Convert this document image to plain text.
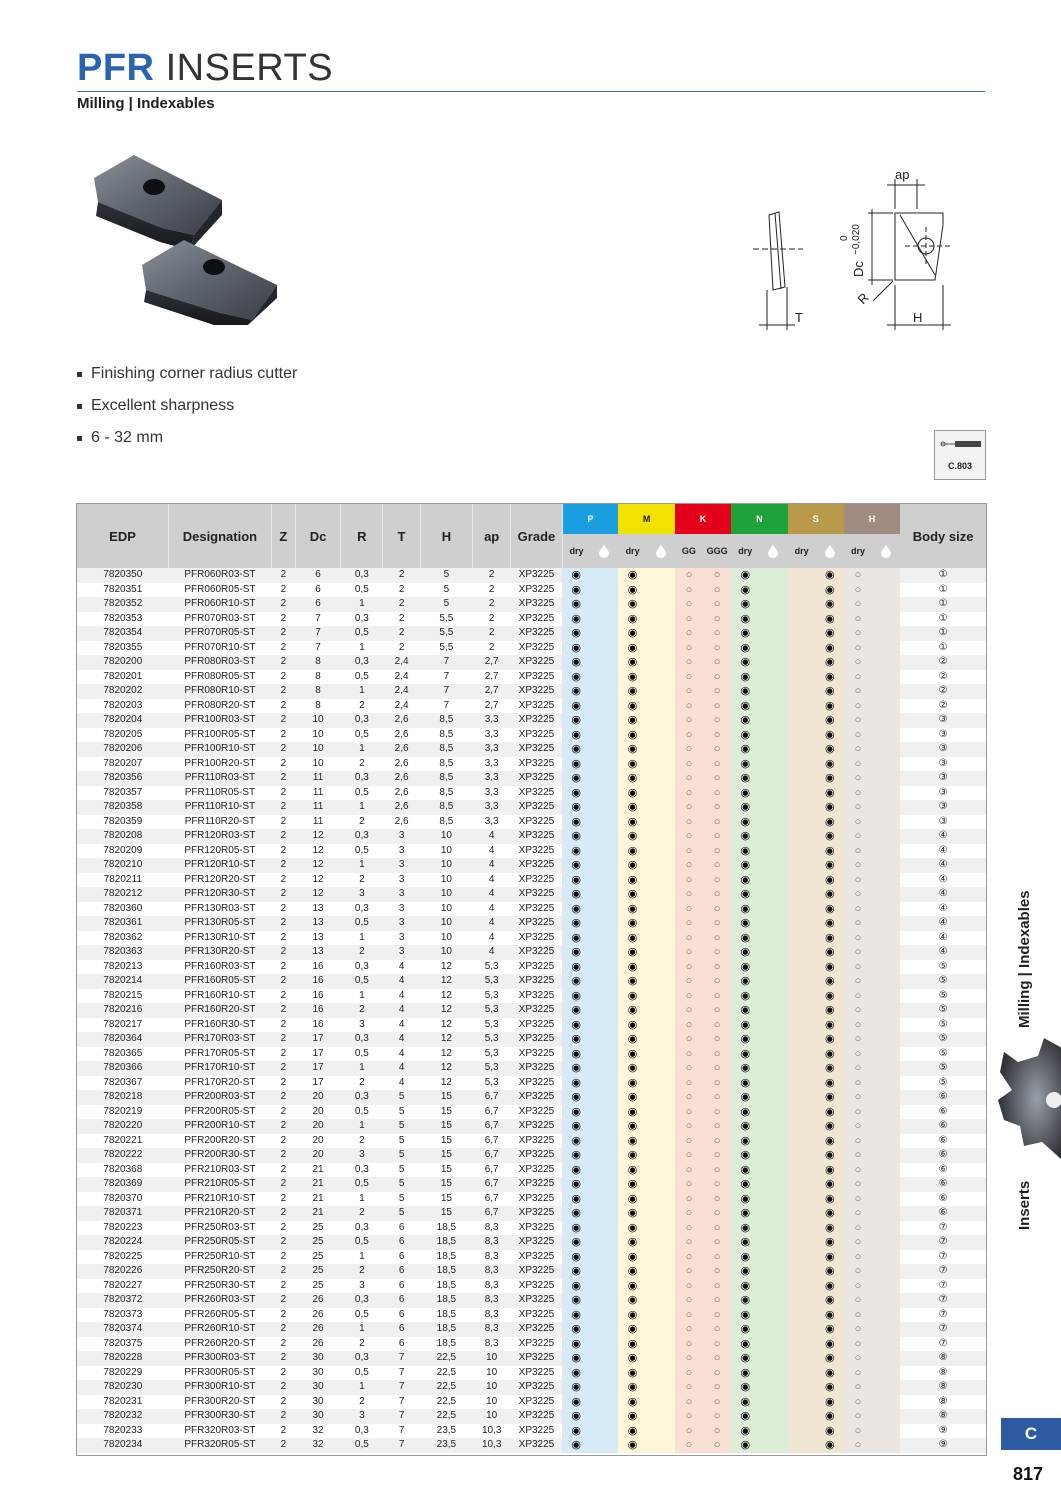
PFR INSERTS
Milling | Indexables
ap
Dc
0 −0,020
R
T	H
Finishing corner radius cutter
Excellent sharpness
6 - 32 mm
C.803
EDP	Designation	Z	Dc	R	T	H	ap	Grade	P		M		K		N		S		H		Body size
									dry		dry		GG	GGG	dry		dry		dry	
7820350	PFR060R03-ST	2	6	0,3	2	5	2	XP3225	◉		◉		○	○	◉			◉	○		①
7820351	PFR060R05-ST	2	6	0,5	2	5	2	XP3225	◉		◉		○	○	◉			◉	○		①
7820352	PFR060R10-ST	2	6	1	2	5	2	XP3225	◉		◉		○	○	◉			◉	○		①
7820353	PFR070R03-ST	2	7	0,3	2	5,5	2	XP3225	◉		◉		○	○	◉			◉	○		①
7820354	PFR070R05-ST	2	7	0,5	2	5,5	2	XP3225	◉		◉		○	○	◉			◉	○		①
7820355	PFR070R10-ST	2	7	1	2	5,5	2	XP3225	◉		◉		○	○	◉			◉	○		①
7820200	PFR080R03-ST	2	8	0,3	2,4	7	2,7	XP3225	◉		◉		○	○	◉			◉	○		②
7820201	PFR080R05-ST	2	8	0,5	2,4	7	2,7	XP3225	◉		◉		○	○	◉			◉	○		②
7820202	PFR080R10-ST	2	8	1	2,4	7	2,7	XP3225	◉		◉		○	○	◉			◉	○		②
7820203	PFR080R20-ST	2	8	2	2,4	7	2,7	XP3225	◉		◉		○	○	◉			◉	○		②
7820204	PFR100R03-ST	2	10	0,3	2,6	8,5	3,3	XP3225	◉		◉		○	○	◉			◉	○		③
7820205	PFR100R05-ST	2	10	0,5	2,6	8,5	3,3	XP3225	◉		◉		○	○	◉			◉	○		③
7820206	PFR100R10-ST	2	10	1	2,6	8,5	3,3	XP3225	◉		◉		○	○	◉			◉	○		③
7820207	PFR100R20-ST	2	10	2	2,6	8,5	3,3	XP3225	◉		◉		○	○	◉			◉	○		③
7820356	PFR110R03-ST	2	11	0,3	2,6	8,5	3,3	XP3225	◉		◉		○	○	◉			◉	○		③
7820357	PFR110R05-ST	2	11	0,5	2,6	8,5	3,3	XP3225	◉		◉		○	○	◉			◉	○		③
7820358	PFR110R10-ST	2	11	1	2,6	8,5	3,3	XP3225	◉		◉		○	○	◉			◉	○		③
7820359	PFR110R20-ST	2	11	2	2,6	8,5	3,3	XP3225	◉		◉		○	○	◉			◉	○		③
7820208	PFR120R03-ST	2	12	0,3	3	10	4	XP3225	◉		◉		○	○	◉			◉	○		④
7820209	PFR120R05-ST	2	12	0,5	3	10	4	XP3225	◉		◉		○	○	◉			◉	○		④
7820210	PFR120R10-ST	2	12	1	3	10	4	XP3225	◉		◉		○	○	◉			◉	○		④
7820211	PFR120R20-ST	2	12	2	3	10	4	XP3225	◉		◉		○	○	◉			◉	○		④
7820212	PFR120R30-ST	2	12	3	3	10	4	XP3225	◉		◉		○	○	◉			◉	○		④
7820360	PFR130R03-ST	2	13	0,3	3	10	4	XP3225	◉		◉		○	○	◉			◉	○		④
7820361	PFR130R05-ST	2	13	0,5	3	10	4	XP3225	◉		◉		○	○	◉			◉	○		④
7820362	PFR130R10-ST	2	13	1	3	10	4	XP3225	◉		◉		○	○	◉			◉	○		④
7820363	PFR130R20-ST	2	13	2	3	10	4	XP3225	◉		◉		○	○	◉			◉	○		④
7820213	PFR160R03-ST	2	16	0,3	4	12	5,3	XP3225	◉		◉		○	○	◉			◉	○		⑤
7820214	PFR160R05-ST	2	16	0,5	4	12	5,3	XP3225	◉		◉		○	○	◉			◉	○		⑤
7820215	PFR160R10-ST	2	16	1	4	12	5,3	XP3225	◉		◉		○	○	◉			◉	○		⑤
7820216	PFR160R20-ST	2	16	2	4	12	5,3	XP3225	◉		◉		○	○	◉			◉	○		⑤
7820217	PFR160R30-ST	2	16	3	4	12	5,3	XP3225	◉		◉		○	○	◉			◉	○		⑤
7820364	PFR170R03-ST	2	17	0,3	4	12	5,3	XP3225	◉		◉		○	○	◉			◉	○		⑤
7820365	PFR170R05-ST	2	17	0,5	4	12	5,3	XP3225	◉		◉		○	○	◉			◉	○		⑤
7820366	PFR170R10-ST	2	17	1	4	12	5,3	XP3225	◉		◉		○	○	◉			◉	○		⑤
7820367	PFR170R20-ST	2	17	2	4	12	5,3	XP3225	◉		◉		○	○	◉			◉	○		⑤
7820218	PFR200R03-ST	2	20	0,3	5	15	6,7	XP3225	◉		◉		○	○	◉			◉	○		⑥
7820219	PFR200R05-ST	2	20	0,5	5	15	6,7	XP3225	◉		◉		○	○	◉			◉	○		⑥
7820220	PFR200R10-ST	2	20	1	5	15	6,7	XP3225	◉		◉		○	○	◉			◉	○		⑥
7820221	PFR200R20-ST	2	20	2	5	15	6,7	XP3225	◉		◉		○	○	◉			◉	○		⑥
7820222	PFR200R30-ST	2	20	3	5	15	6,7	XP3225	◉		◉		○	○	◉			◉	○		⑥
7820368	PFR210R03-ST	2	21	0,3	5	15	6,7	XP3225	◉		◉		○	○	◉			◉	○		⑥
7820369	PFR210R05-ST	2	21	0,5	5	15	6,7	XP3225	◉		◉		○	○	◉			◉	○		⑥
7820370	PFR210R10-ST	2	21	1	5	15	6,7	XP3225	◉		◉		○	○	◉			◉	○		⑥
7820371	PFR210R20-ST	2	21	2	5	15	6,7	XP3225	◉		◉		○	○	◉			◉	○		⑥
7820223	PFR250R03-ST	2	25	0,3	6	18,5	8,3	XP3225	◉		◉		○	○	◉			◉	○		⑦
7820224	PFR250R05-ST	2	25	0,5	6	18,5	8,3	XP3225	◉		◉		○	○	◉			◉	○		⑦
7820225	PFR250R10-ST	2	25	1	6	18,5	8,3	XP3225	◉		◉		○	○	◉			◉	○		⑦
7820226	PFR250R20-ST	2	25	2	6	18,5	8,3	XP3225	◉		◉		○	○	◉			◉	○		⑦
7820227	PFR250R30-ST	2	25	3	6	18,5	8,3	XP3225	◉		◉		○	○	◉			◉	○		⑦
7820372	PFR260R03-ST	2	26	0,3	6	18,5	8,3	XP3225	◉		◉		○	○	◉			◉	○		⑦
7820373	PFR260R05-ST	2	26	0,5	6	18,5	8,3	XP3225	◉		◉		○	○	◉			◉	○		⑦
7820374	PFR260R10-ST	2	26	1	6	18,5	8,3	XP3225	◉		◉		○	○	◉			◉	○		⑦
7820375	PFR260R20-ST	2	26	2	6	18,5	8,3	XP3225	◉		◉		○	○	◉			◉	○		⑦
7820228	PFR300R03-ST	2	30	0,3	7	22,5	10	XP3225	◉		◉		○	○	◉			◉	○		⑧
7820229	PFR300R05-ST	2	30	0,5	7	22,5	10	XP3225	◉		◉		○	○	◉			◉	○		⑧
7820230	PFR300R10-ST	2	30	1	7	22,5	10	XP3225	◉		◉		○	○	◉			◉	○		⑧
7820231	PFR300R20-ST	2	30	2	7	22,5	10	XP3225	◉		◉		○	○	◉			◉	○		⑧
7820232	PFR300R30-ST	2	30	3	7	22,5	10	XP3225	◉		◉		○	○	◉			◉	○		⑧
7820233	PFR320R03-ST	2	32	0,3	7	23,5	10,3	XP3225	◉		◉		○	○	◉			◉	○		⑨
7820234	PFR320R05-ST	2	32	0,5	7	23,5	10,3	XP3225	◉		◉		○	○	◉			◉	○		⑨
Milling | Indexables
Inserts
C
817
